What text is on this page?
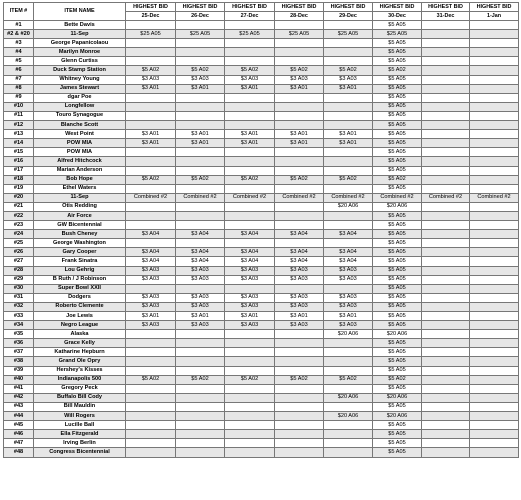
ITEM #	ITEM NAME	HIGHEST BID	HIGHEST BID	HIGHEST BID	HIGHEST BID	HIGHEST BID	HIGHEST BID	HIGHEST BID	HIGHEST BID
		25-Dec	26-Dec	27-Dec	28-Dec	29-Dec	30-Dec	31-Dec	1-Jan
#1	Bette Davis						$5 A05		
#2 & #20	11-Sep	$25 A05	$25 A05	$25 A05	$25 A05	$25 A05	$25 A05		
#3	George Papanicolaou						$5 A05		
#4	Marilyn Monroe						$5 A05		
#5	Glenn Curtiss						$5 A05		
#6	Duck Stamp Station	$5 A02	$5 A02	$5 A02	$5 A02	$5 A02	$5 A02		
#7	Whitney Young	$3 A03	$3 A03	$3 A03	$3 A03	$3 A03	$5 A05		
#8	James Stewart	$3 A01	$3 A01	$3 A01	$3 A01	$3 A01	$5 A05		
#9	dgar Poe						$5 A05		
#10	Longfellow						$5 A05		
#11	Touro Synagogue						$5 A05		
#12	Blanche Scott						$5 A05		
#13	West Point	$3 A01	$3 A01	$3 A01	$3 A01	$3 A01	$5 A05		
#14	POW MIA	$3 A01	$3 A01	$3 A01	$3 A01	$3 A01	$5 A05		
#15	POW MIA						$5 A05		
#16	Alfred Hitchcock						$5 A05		
#17	Marian Anderson						$5 A05		
#18	Bob Hope	$5 A02	$5 A02	$5 A02	$5 A02	$5 A02	$5 A02		
#19	Ethel Waters						$5 A05		
#20	11-Sep	Combined #2	Combined #2	Combined #2	Combined #2	Combined #2	Combined #2	Combined #2	Combined #2
#21	Otis Redding					$20 A06	$20 A06		
#22	Air Force						$5 A05		
#23	GW Bicentennial						$5 A05		
#24	Bush Cheney	$3 A04	$3 A04	$3 A04	$3 A04	$3 A04	$5 A05		
#25	George Washington						$5 A05		
#26	Gary Cooper	$3 A04	$3 A04	$3 A04	$3 A04	$3 A04	$5 A05		
#27	Frank Sinatra	$3 A04	$3 A04	$3 A04	$3 A04	$3 A04	$5 A05		
#28	Lou Gehrig	$3 A03	$3 A03	$3 A03	$3 A03	$3 A03	$5 A05		
#29	B Ruth / J Robinson	$3 A03	$3 A03	$3 A03	$3 A03	$3 A03	$5 A05		
#30	Super Bowl XXII						$5 A05		
#31	Dodgers	$3 A03	$3 A03	$3 A03	$3 A03	$3 A03	$5 A05		
#32	Roberto Clemente	$3 A03	$3 A03	$3 A03	$3 A03	$3 A03	$5 A05		
#33	Joe Lewis	$3 A01	$3 A01	$3 A01	$3 A01	$3 A01	$5 A05		
#34	Negro League	$3 A03	$3 A03	$3 A03	$3 A03	$3 A03	$5 A05		
#35	Alaska					$20 A06	$20 A06		
#36	Grace Kelly						$5 A05		
#37	Katharine Hepburn						$5 A05		
#38	Grand Ole Opry						$5 A05		
#39	Hershey's Kisses						$5 A05		
#40	Indianapolis 500	$5 A02	$5 A02	$5 A02	$5 A02	$5 A02	$5 A02		
#41	Gregory Peck						$5 A05		
#42	Buffalo Bill Cody					$20 A06	$20 A06		
#43	Bill Mauldin						$5 A05		
#44	Will Rogers					$20 A06	$20 A06		
#45	Lucille Ball						$5 A05		
#46	Ella Fitzgerald						$5 A05		
#47	Irving Berlin						$5 A05		
#48	Congress Bicentennial						$5 A05		
